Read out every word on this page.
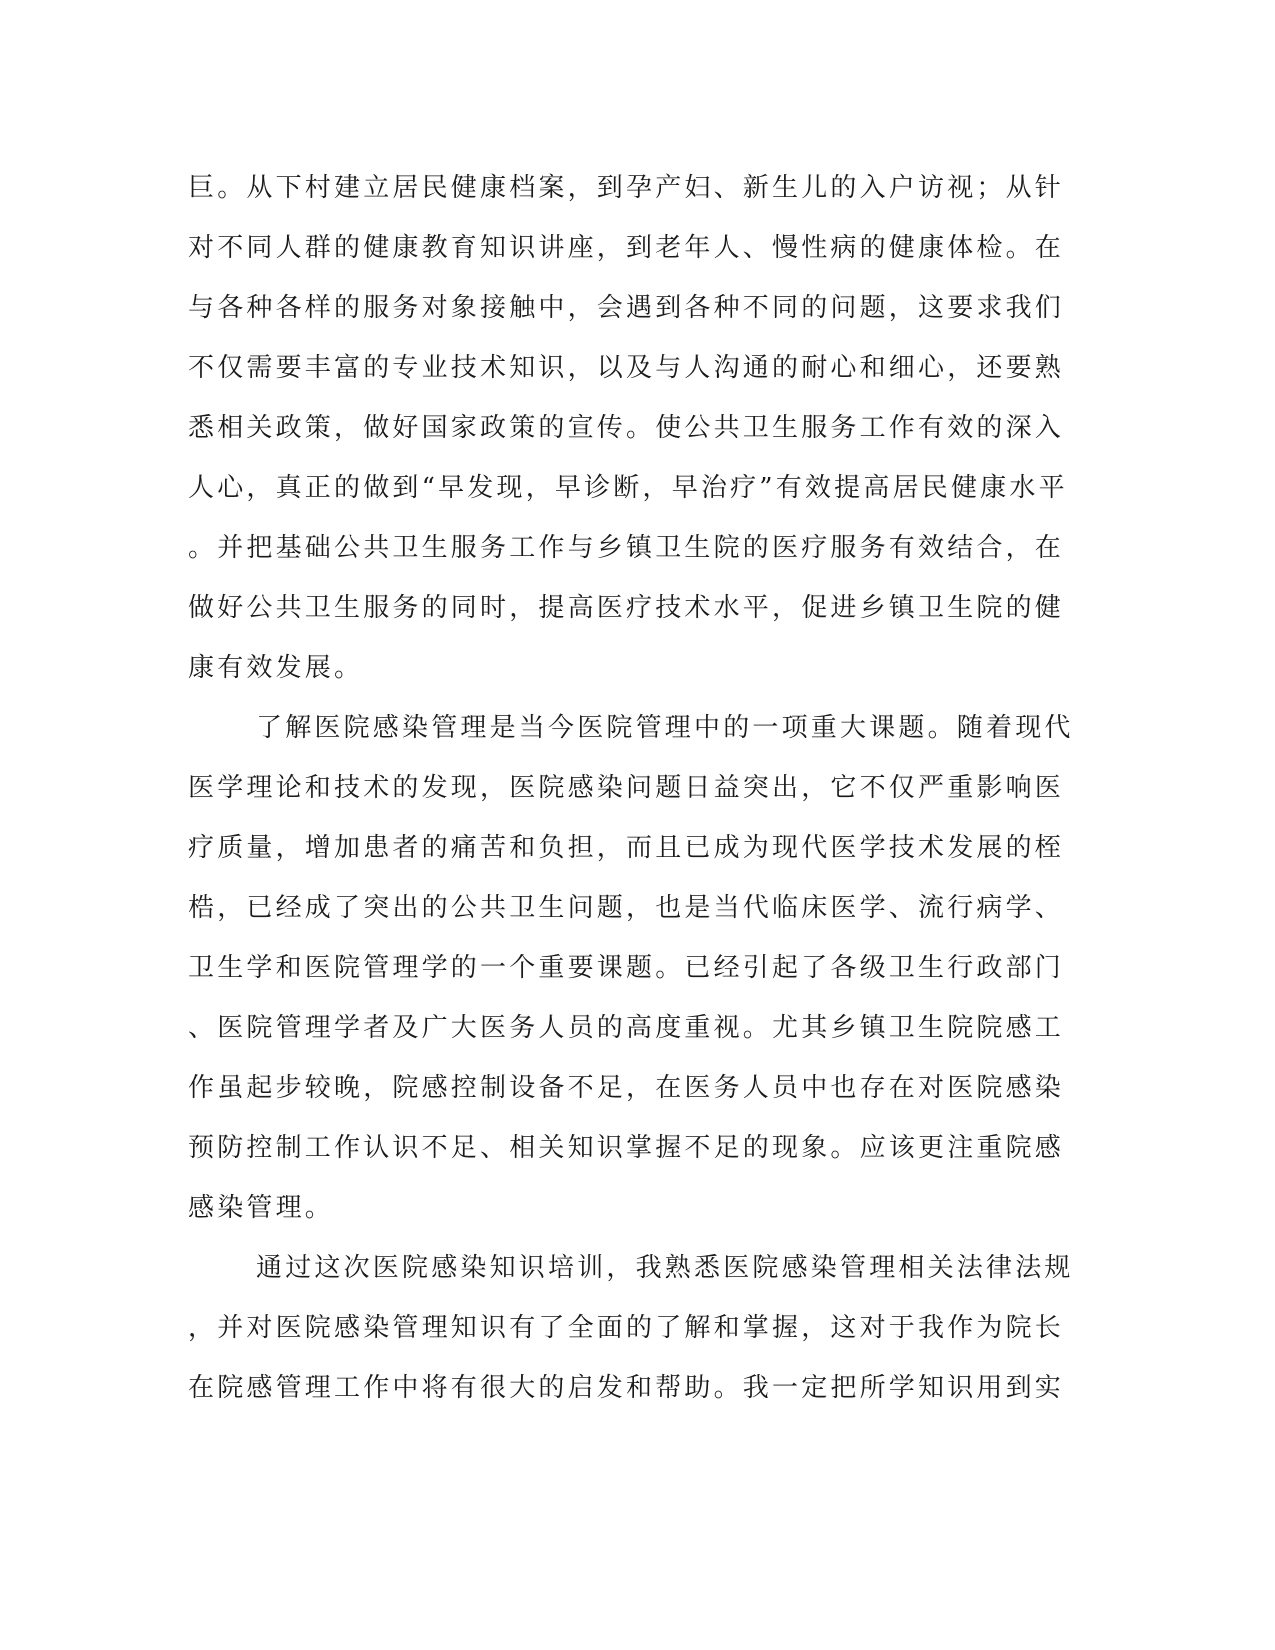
巨。从下村建立居民健康档案，到孕产妇、新生儿的入户访视；从针
对不同人群的健康教育知识讲座，到老年人、慢性病的健康体检。在
与各种各样的服务对象接触中，会遇到各种不同的问题，这要求我们
不仅需要丰富的专业技术知识，以及与人沟通的耐心和细心，还要熟
悉相关政策，做好国家政策的宣传。使公共卫生服务工作有效的深入
人心，真正的做到“早发现，早诊断，早治疗”有效提高居民健康水平
。并把基础公共卫生服务工作与乡镇卫生院的医疗服务有效结合，在
做好公共卫生服务的同时，提高医疗技术水平，促进乡镇卫生院的健
康有效发展。
了解医院感染管理是当今医院管理中的一项重大课题。随着现代
医学理论和技术的发现，医院感染问题日益突出，它不仅严重影响医
疗质量，增加患者的痛苦和负担，而且已成为现代医学技术发展的桎
梏，已经成了突出的公共卫生问题，也是当代临床医学、流行病学、
卫生学和医院管理学的一个重要课题。已经引起了各级卫生行政部门
、医院管理学者及广大医务人员的高度重视。尤其乡镇卫生院院感工
作虽起步较晚，院感控制设备不足，在医务人员中也存在对医院感染
预防控制工作认识不足、相关知识掌握不足的现象。应该更注重院感
感染管理。
通过这次医院感染知识培训，我熟悉医院感染管理相关法律法规
，并对医院感染管理知识有了全面的了解和掌握，这对于我作为院长
在院感管理工作中将有很大的启发和帮助。我一定把所学知识用到实
